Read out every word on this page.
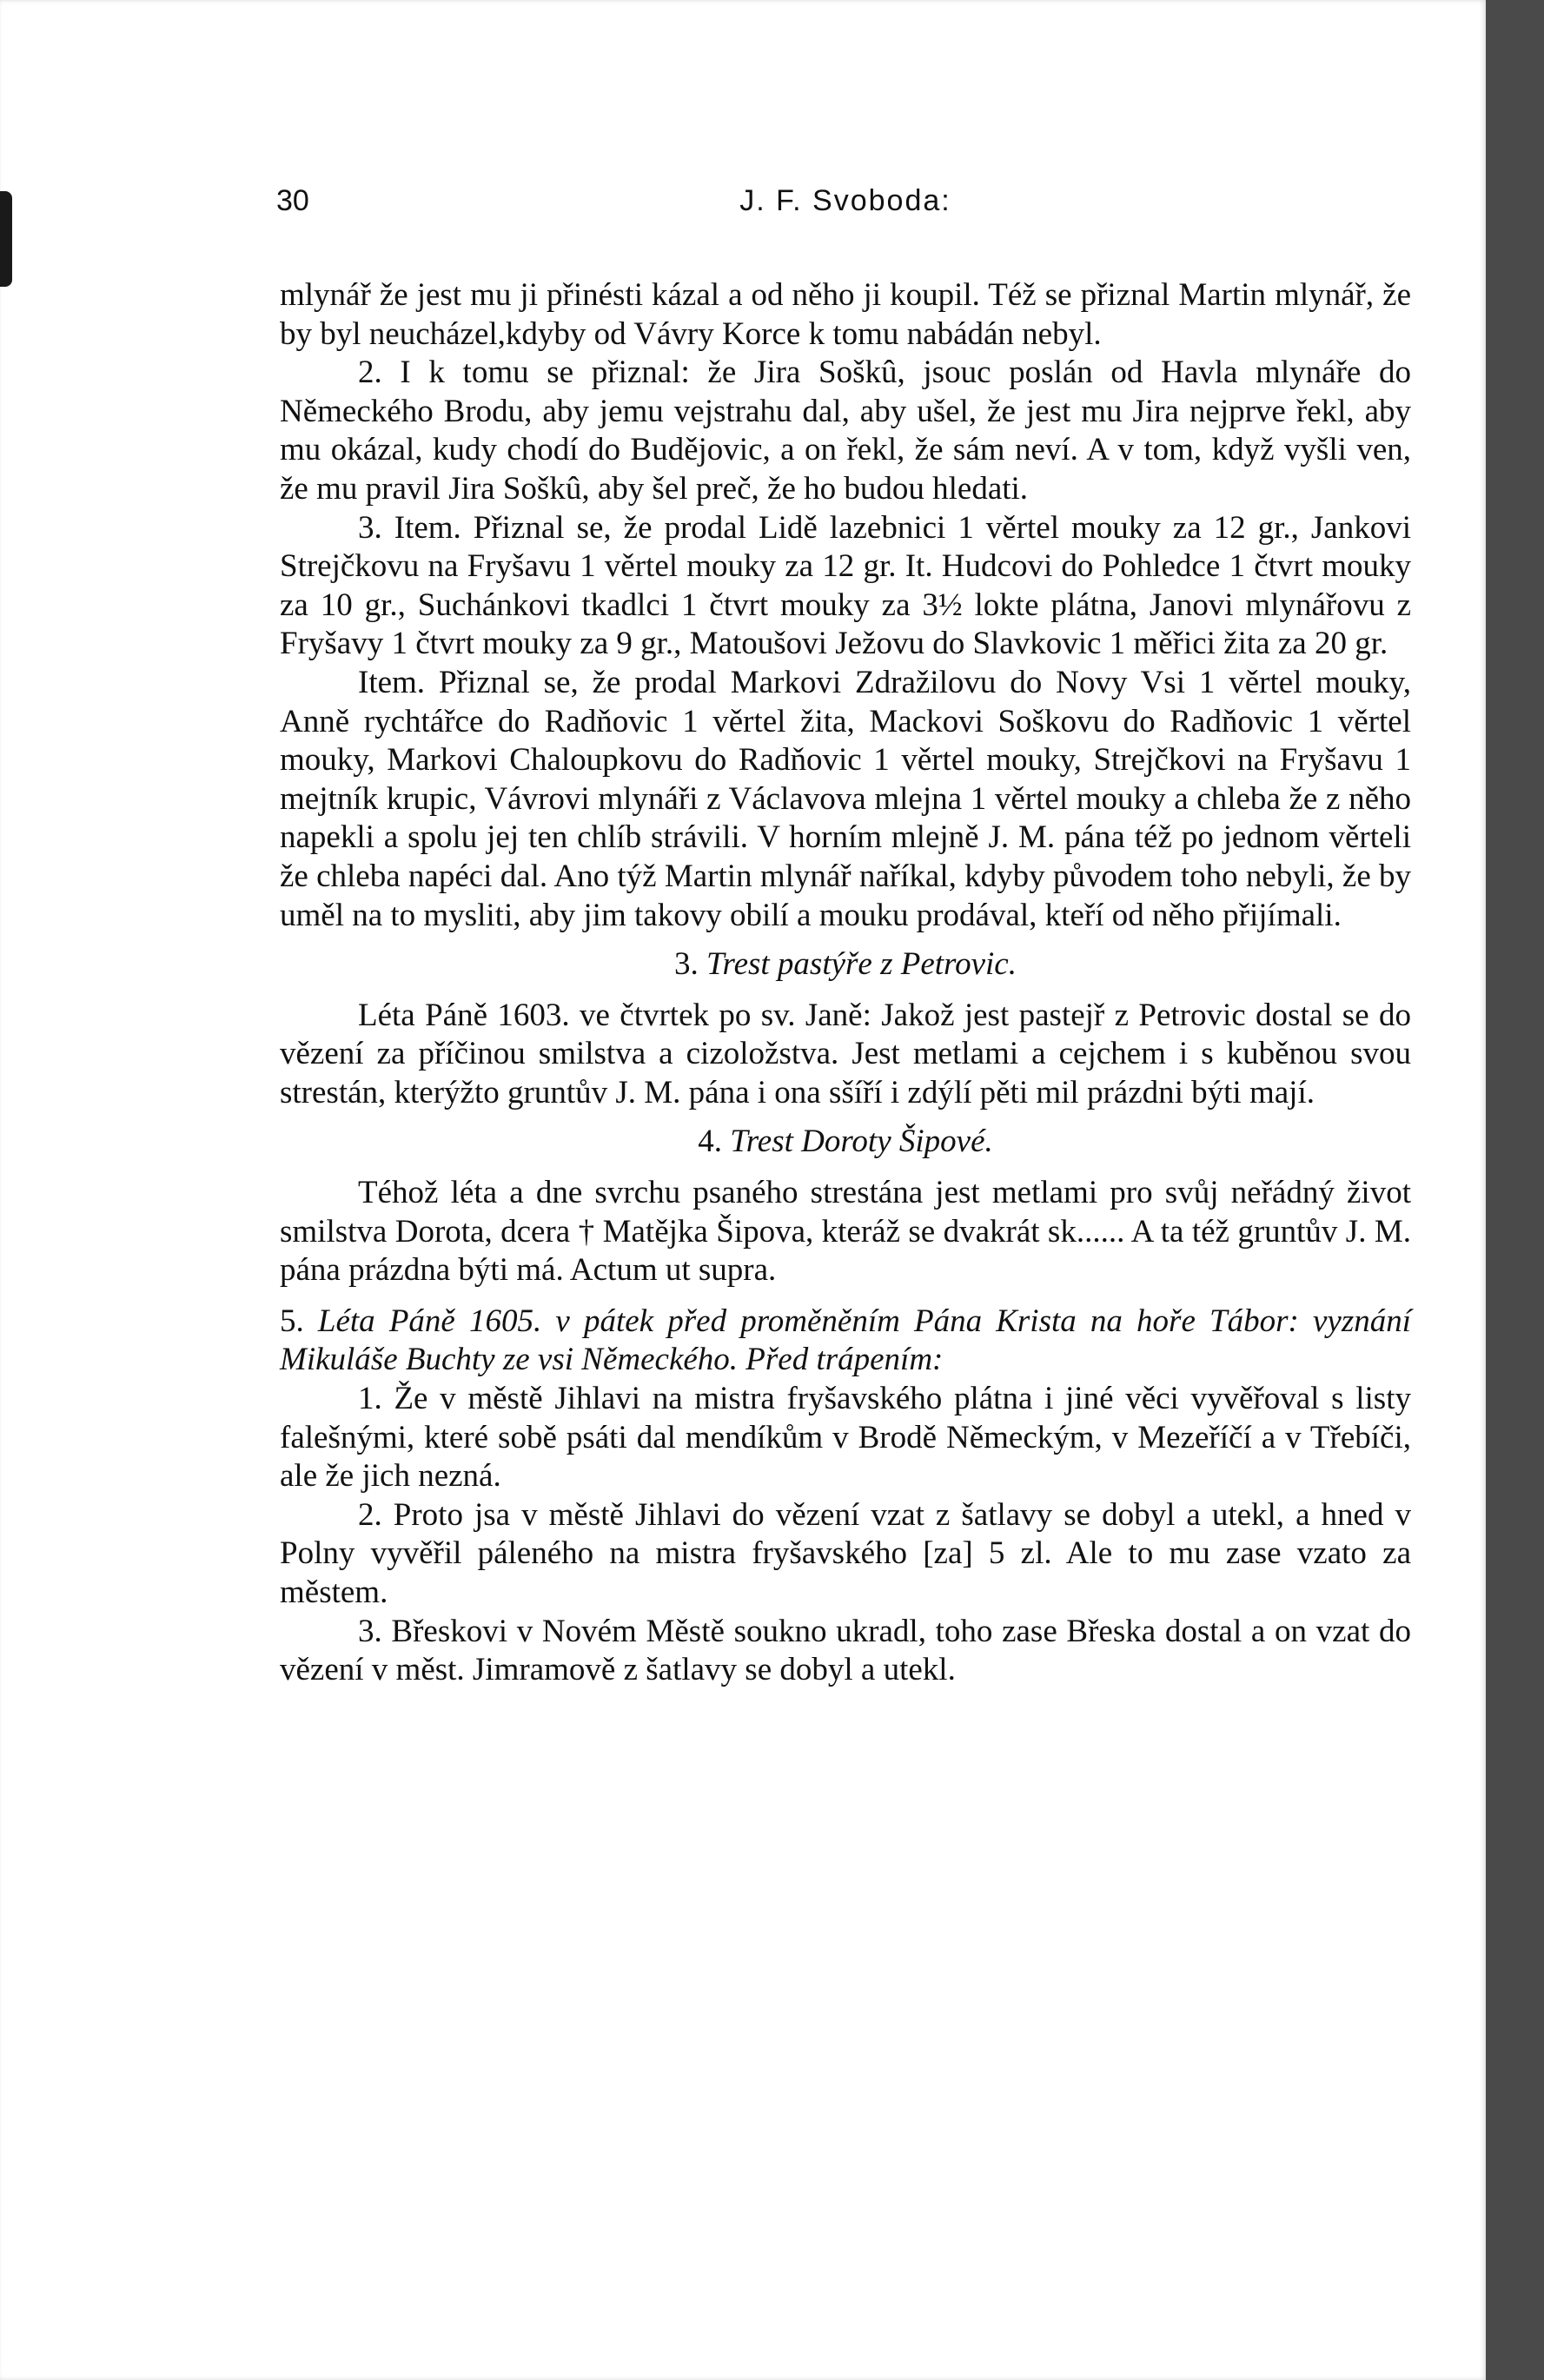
30	J. F. Svoboda:

mlynář že jest mu ji přinésti kázal a od něho ji koupil. Též se přiznal Martin mlynář, že by byl neucházel,kdyby od Vávry Korce k tomu nabádán nebyl.

2. I k tomu se přiznal: že Jira Soškû, jsouc poslán od Havla mlynáře do Německého Brodu, aby jemu vejstrahu dal, aby ušel, že jest mu Jira nejprve řekl, aby mu okázal, kudy chodí do Budějovic, a on řekl, že sám neví. A v tom, když vyšli ven, že mu pravil Jira Soškû, aby šel preč, že ho budou hledati.

3. Item. Přiznal se, že prodal Lidě lazebnici 1 věrtel mouky za 12 gr., Jankovi Strejčkovu na Fryšavu 1 věrtel mouky za 12 gr. It. Hudcovi do Pohledce 1 čtvrt mouky za 10 gr., Suchánkovi tkadlci 1 čtvrt mouky za 3½ lokte plátna, Janovi mlynářovu z Fryšavy 1 čtvrt mouky za 9 gr., Matoušovi Ježovu do Slavkovic 1 měřici žita za 20 gr.

Item. Přiznal se, že prodal Markovi Zdražilovu do Novy Vsi 1 věrtel mouky, Anně rychtářce do Radňovic 1 věrtel žita, Mackovi Soškovu do Radňovic 1 věrtel mouky, Markovi Chaloupkovu do Radňovic 1 věrtel mouky, Strejčkovi na Fryšavu 1 mejtník krupic, Vávrovi mlynáři z Václavova mlejna 1 věrtel mouky a chleba že z něho napekli a spolu jej ten chlíb strávili. V horním mlejně J. M. pána též po jednom věrteli že chleba napéci dal. Ano týž Martin mlynář naříkal, kdyby původem toho nebyli, že by uměl na to mysliti, aby jim takovy obilí a mouku prodával, kteří od něho přijímali.

3. Trest pastýře z Petrovic.

Léta Páně 1603. ve čtvrtek po sv. Janě: Jakož jest pastejř z Petrovic dostal se do vězení za příčinou smilstva a cizoložstva. Jest metlami a cejchem i s kuběnou svou strestán, kterýžto gruntův J. M. pána i ona sšíří i zdýlí pěti mil prázdni býti mají.

4. Trest Doroty Šipové.

Téhož léta a dne svrchu psaného strestána jest metlami pro svůj neřádný život smilstva Dorota, dcera † Matějka Šipova, kteráž se dvakrát sk...... A ta též gruntův J. M. pána prázdna býti má. Actum ut supra.

5. Léta Páně 1605. v pátek před proměněním Pána Krista na hoře Tábor: vyznání Mikuláše Buchty ze vsi Německého. Před trápením:

1. Že v městě Jihlavi na mistra fryšavského plátna i jiné věci vyvěřoval s listy falešnými, které sobě psáti dal mendíkům v Brodě Německým, v Mezeříčí a v Třebíči, ale že jich nezná.

2. Proto jsa v městě Jihlavi do vězení vzat z šatlavy se dobyl a utekl, a hned v Polny vyvěřil páleného na mistra fryšavského [za] 5 zl. Ale to mu zase vzato za městem.

3. Břeskovi v Novém Městě soukno ukradl, toho zase Břeska dostal a on vzat do vězení v měst. Jimramově z šatlavy se dobyl a utekl.
